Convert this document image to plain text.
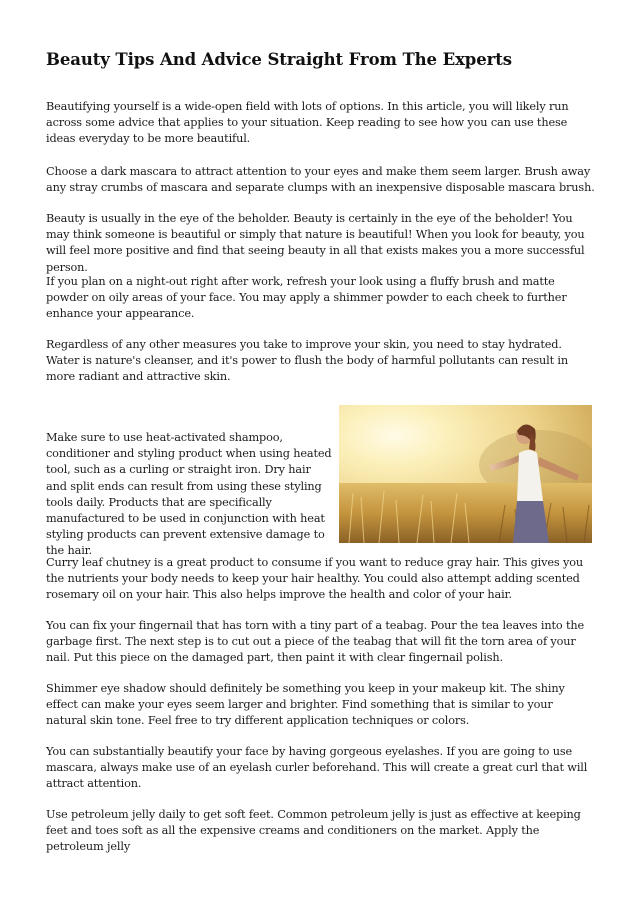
Beauty Tips And Advice Straight From The Experts

Beautifying yourself is a wide-open field with lots of options. In this article, you will likely run across some advice that applies to your situation. Keep reading to see how you can use these ideas everyday to be more beautiful.

Choose a dark mascara to attract attention to your eyes and make them seem larger. Brush away any stray crumbs of mascara and separate clumps with an inexpensive disposable mascara brush.

Beauty is usually in the eye of the beholder. Beauty is certainly in the eye of the beholder! You may think someone is beautiful or simply that nature is beautiful! When you look for beauty, you will feel more positive and find that seeing beauty in all that exists makes you a more successful person.

If you plan on a night-out right after work, refresh your look using a fluffy brush and matte powder on oily areas of your face. You may apply a shimmer powder to each cheek to further enhance your appearance.

Regardless of any other measures you take to improve your skin, you need to stay hydrated. Water is nature's cleanser, and it's power to flush the body of harmful pollutants can result in more radiant and attractive skin.

Make sure to use heat-activated shampoo, conditioner and styling product when using heated tool, such as a curling or straight iron. Dry hair and split ends can result from using these styling tools daily. Products that are specifically manufactured to be used in conjunction with heat styling products can prevent extensive damage to the hair.

Curry leaf chutney is a great product to consume if you want to reduce gray hair. This gives you the nutrients your body needs to keep your hair healthy. You could also attempt adding scented rosemary oil on your hair. This also helps improve the health and color of your hair.

You can fix your fingernail that has torn with a tiny part of a teabag. Pour the tea leaves into the garbage first. The next step is to cut out a piece of the teabag that will fit the torn area of your nail. Put this piece on the damaged part, then paint it with clear fingernail polish.

Shimmer eye shadow should definitely be something you keep in your makeup kit. The shiny effect can make your eyes seem larger and brighter. Find something that is similar to your natural skin tone. Feel free to try different application techniques or colors.

You can substantially beautify your face by having gorgeous eyelashes. If you are going to use mascara, always make use of an eyelash curler beforehand. This will create a great curl that will attract attention.

Use petroleum jelly daily to get soft feet. Common petroleum jelly is just as effective at keeping feet and toes soft as all the expensive creams and conditioners on the market. Apply the petroleum jelly
